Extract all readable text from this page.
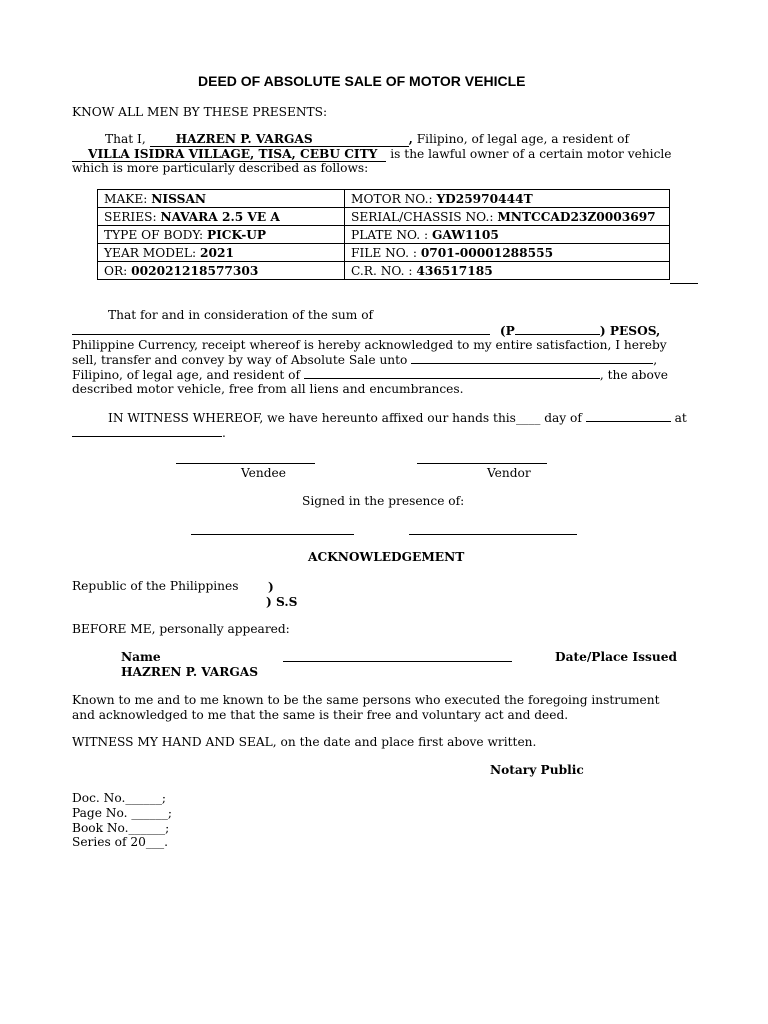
DEED OF ABSOLUTE SALE OF MOTOR VEHICLE
KNOW ALL MEN BY THESE PRESENTS:
That I, HAZREN P. VARGAS	, Filipino, of legal age, a resident of
VILLA ISIDRA VILLAGE, TISA, CEBU CITY is the lawful owner of a certain motor vehicle
which is more particularly described as follows:
MAKE: NISSAN	MOTOR NO.: YD25970444T
SERIES: NAVARA 2.5 VE A	SERIAL/CHASSIS NO.: MNTCCAD23Z0003697
TYPE OF BODY: PICK-UP	PLATE NO. : GAW1105
YEAR MODEL: 2021	FILE NO. : 0701-00001288555
OR: 002021218577303	C.R. NO. : 436517185
That for and in consideration of the sum of
(P	) PESOS,
Philippine Currency, receipt whereof is hereby acknowledged to my entire satisfaction, I hereby
sell, transfer and convey by way of Absolute Sale unto	,
Filipino, of legal age, and resident of	, the above
described motor vehicle, free from all liens and encumbrances.
IN WITNESS WHEREOF, we have hereunto affixed our hands this____ day of	at
.
Vendee	Vendor
Signed in the presence of:
ACKNOWLEDGEMENT
Republic of the Philippines )
) S.S
BEFORE ME, personally appeared:
Name	Date/Place Issued
HAZREN P. VARGAS
Known to me and to me known to be the same persons who executed the foregoing instrument
and acknowledged to me that the same is their free and voluntary act and deed.
WITNESS MY HAND AND SEAL, on the date and place first above written.
Notary Public
Doc. No.______;
Page No. ______;
Book No.______;
Series of 20___.
